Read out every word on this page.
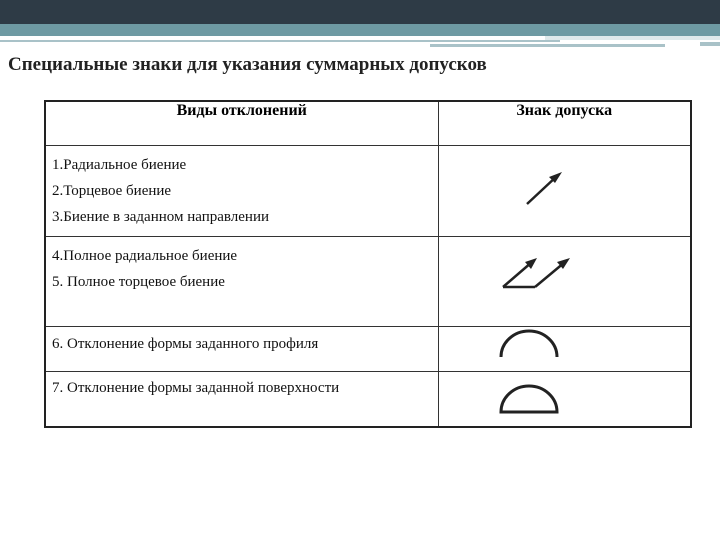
Специальные знаки для указания суммарных допусков
Виды отклонений	Знак допуска

1.Радиальное биение
2.Торцевое биение
3.Биение в заданном направлении

4.Полное радиальное биение
5. Полное торцевое биение

6. Отклонение формы заданного профиля

7. Отклонение формы заданной поверхности
